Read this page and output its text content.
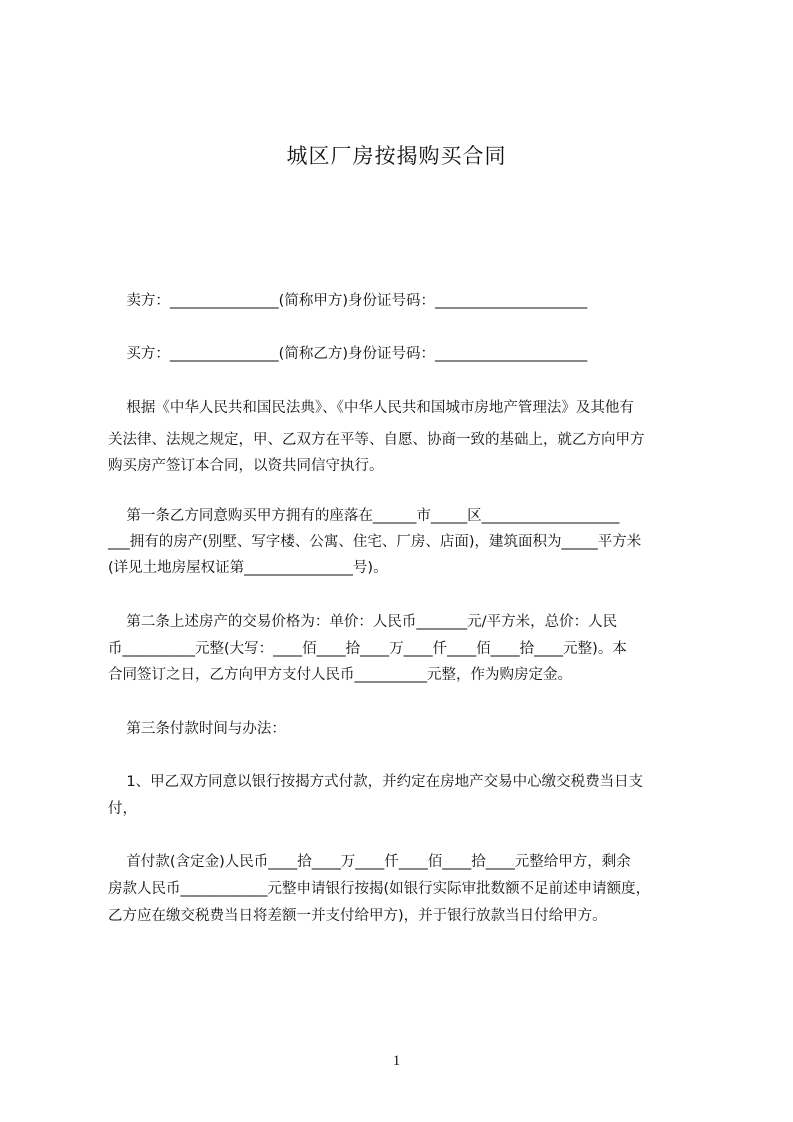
城区厂房按揭购买合同
卖方：_______________(简称甲方)身份证号码：_____________________
买方：_______________(简称乙方)身份证号码：_____________________
根据《中华人民共和国民法典》、《中华人民共和国城市房地产管理法》及其他有
关法律、法规之规定，甲、乙双方在平等、自愿、协商一致的基础上，就乙方向甲方
购买房产签订本合同，以资共同信守执行。
第一条乙方同意购买甲方拥有的座落在______市_____区___________________
___拥有的房产(别墅、写字楼、公寓、住宅、厂房、店面)，建筑面积为_____平方米
(详见土地房屋权证第_______________号)。
第二条上述房产的交易价格为：单价：人民币_______元/平方米，总价：人民
币__________元整(大写：____佰____拾____万____仟____佰____拾____元整)。本
合同签订之日，乙方向甲方支付人民币__________元整，作为购房定金。
第三条付款时间与办法：
1、甲乙双方同意以银行按揭方式付款，并约定在房地产交易中心缴交税费当日支
付，
首付款(含定金)人民币____拾____万____仟____佰____拾____元整给甲方，剩余
房款人民币____________元整申请银行按揭(如银行实际审批数额不足前述申请额度，
乙方应在缴交税费当日将差额一并支付给甲方)，并于银行放款当日付给甲方。
1
